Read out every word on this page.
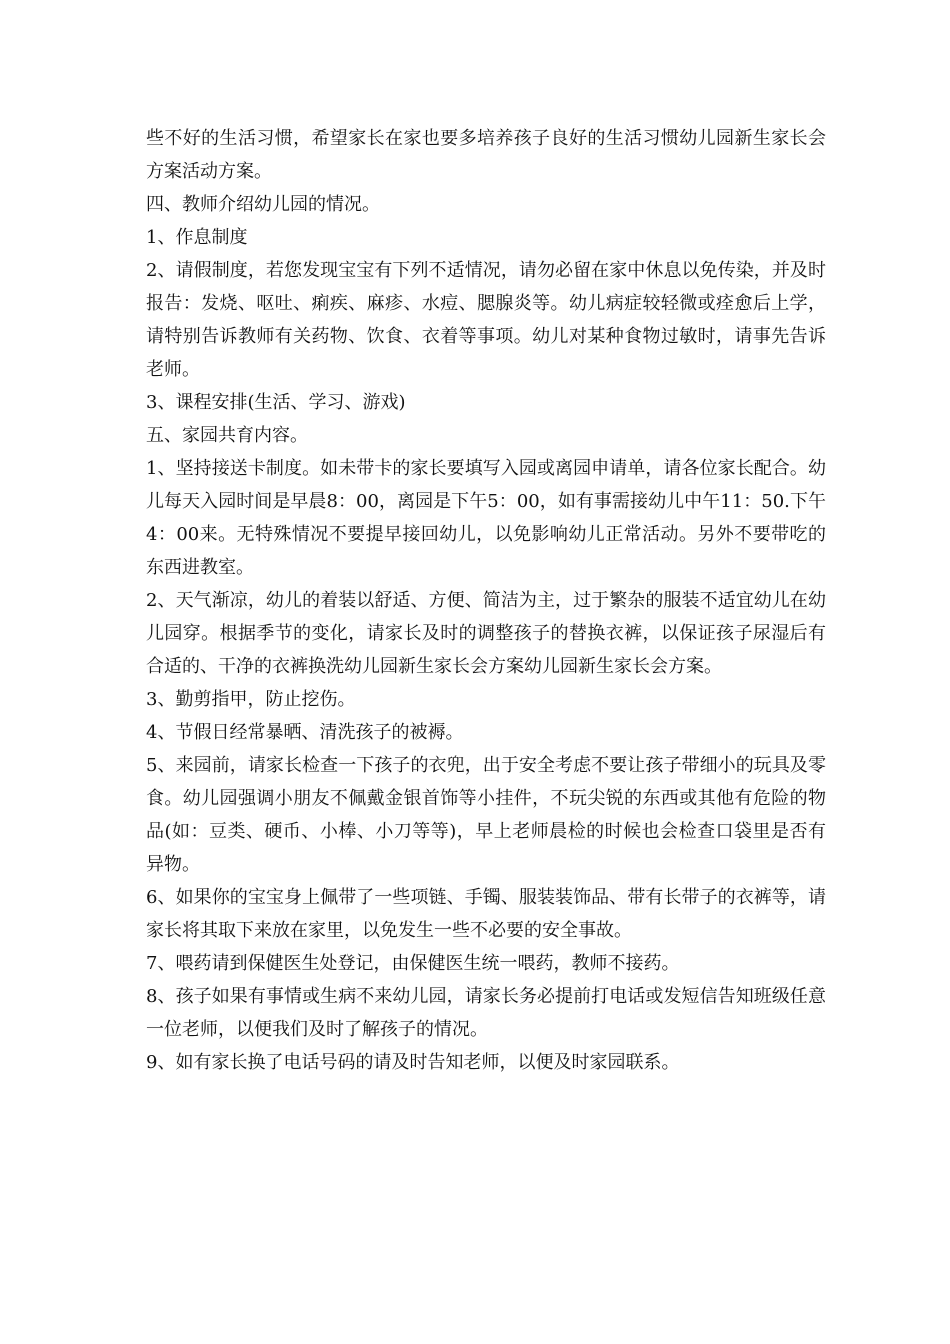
些不好的生活习惯，希望家长在家也要多培养孩子良好的生活习惯幼儿园新生家长会方案活动方案。

四、教师介绍幼儿园的情况。

1、作息制度

2、请假制度，若您发现宝宝有下列不适情况，请勿必留在家中休息以免传染，并及时报告：发烧、呕吐、痢疾、麻疹、水痘、腮腺炎等。幼儿病症较轻微或痊愈后上学，请特别告诉教师有关药物、饮食、衣着等事项。幼儿对某种食物过敏时，请事先告诉老师。

3、课程安排(生活、学习、游戏)

五、家园共育内容。

1、坚持接送卡制度。如未带卡的家长要填写入园或离园申请单，请各位家长配合。幼儿每天入园时间是早晨8：00，离园是下午5：00，如有事需接幼儿中午11：50.下午4：00来。无特殊情况不要提早接回幼儿，以免影响幼儿正常活动。另外不要带吃的东西进教室。

2、天气渐凉，幼儿的着装以舒适、方便、简洁为主，过于繁杂的服装不适宜幼儿在幼儿园穿。根据季节的变化，请家长及时的调整孩子的替换衣裤，以保证孩子尿湿后有合适的、干净的衣裤换洗幼儿园新生家长会方案幼儿园新生家长会方案。

3、勤剪指甲，防止挖伤。

4、节假日经常暴晒、清洗孩子的被褥。

5、来园前，请家长检查一下孩子的衣兜，出于安全考虑不要让孩子带细小的玩具及零食。幼儿园强调小朋友不佩戴金银首饰等小挂件，不玩尖锐的东西或其他有危险的物品(如：豆类、硬币、小棒、小刀等等)，早上老师晨检的时候也会检查口袋里是否有异物。

6、如果你的宝宝身上佩带了一些项链、手镯、服装装饰品、带有长带子的衣裤等，请家长将其取下来放在家里，以免发生一些不必要的安全事故。

7、喂药请到保健医生处登记，由保健医生统一喂药，教师不接药。

8、孩子如果有事情或生病不来幼儿园，请家长务必提前打电话或发短信告知班级任意一位老师，以便我们及时了解孩子的情况。

9、如有家长换了电话号码的请及时告知老师，以便及时家园联系。
